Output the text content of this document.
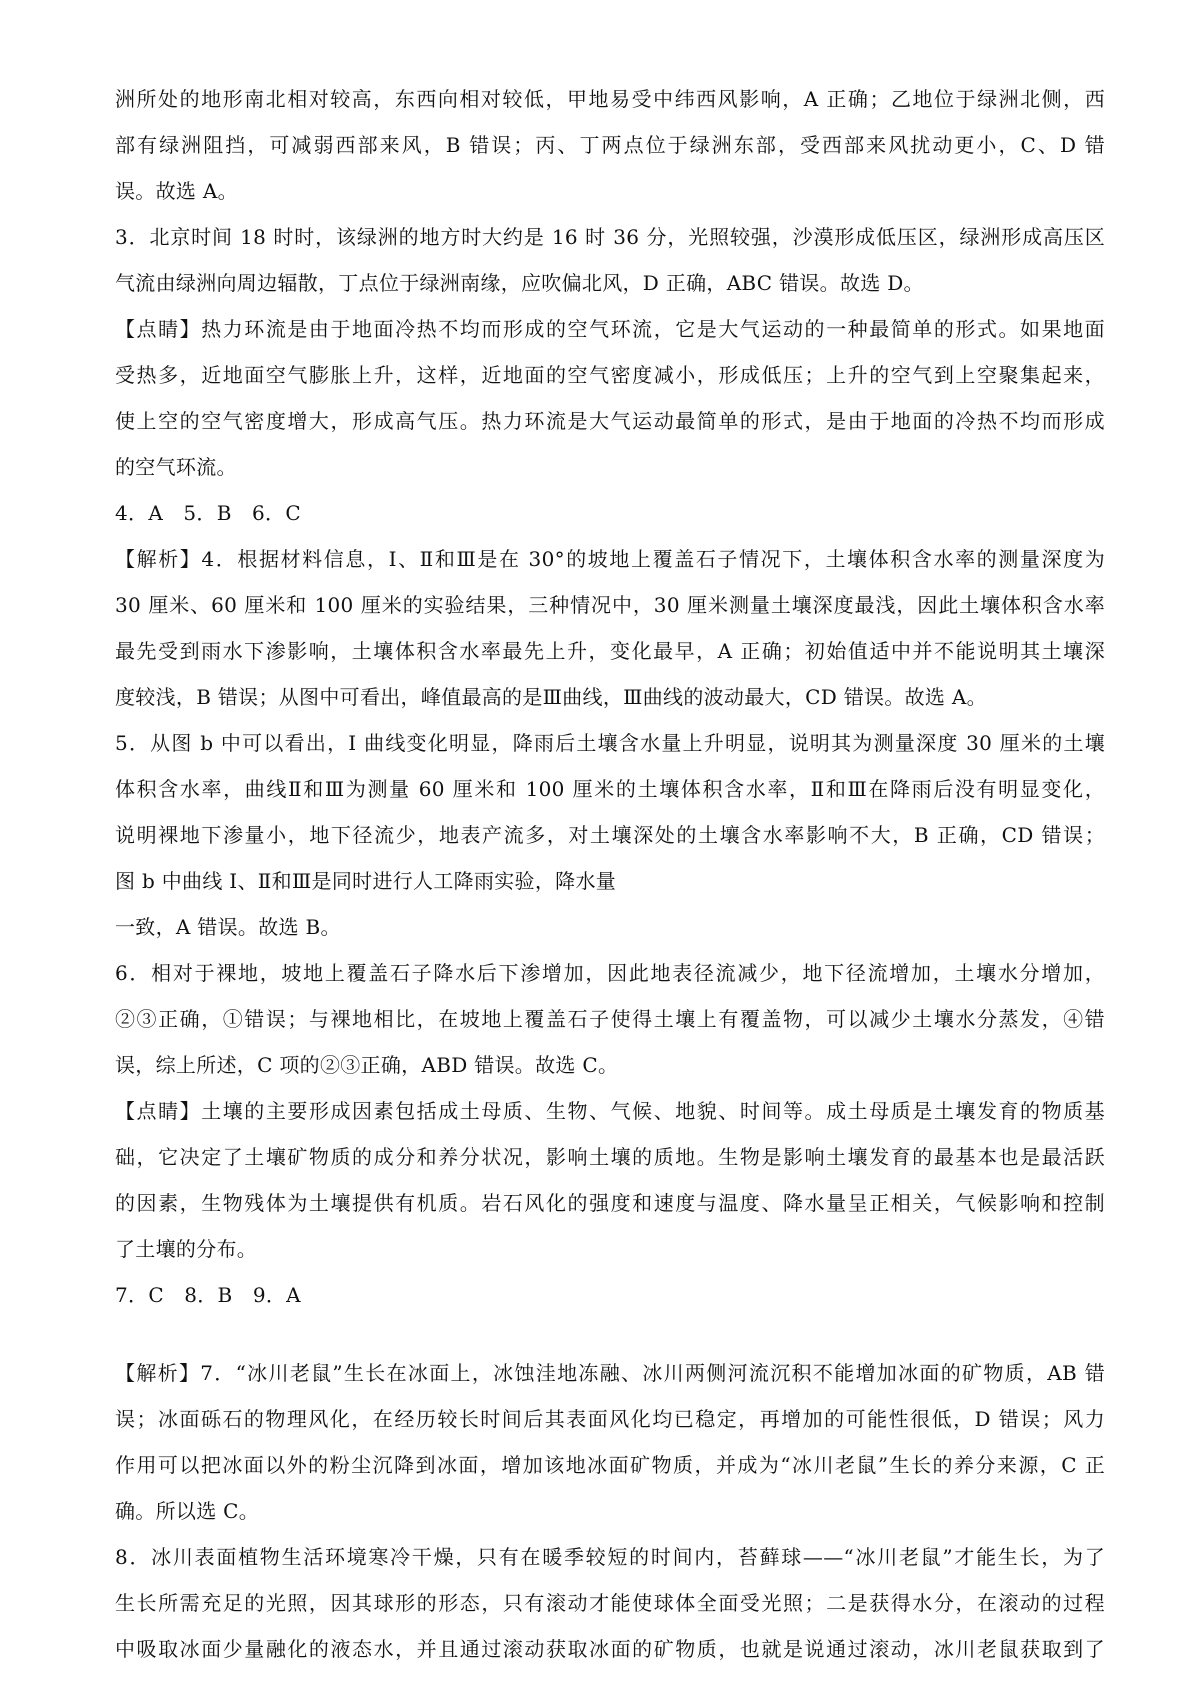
洲所处的地形南北相对较高，东西向相对较低，甲地易受中纬西风影响，A 正确；乙地位于绿洲北侧，西
部有绿洲阻挡，可减弱西部来风，B 错误；丙、丁两点位于绿洲东部，受西部来风扰动更小，C、D 错
误。故选 A。
3．北京时间 18 时时，该绿洲的地方时大约是 16 时 36 分，光照较强，沙漠形成低压区，绿洲形成高压区
气流由绿洲向周边辐散，丁点位于绿洲南缘，应吹偏北风，D 正确，ABC 错误。故选 D。
【点睛】热力环流是由于地面冷热不均而形成的空气环流，它是大气运动的一种最简单的形式。如果地面
受热多，近地面空气膨胀上升，这样，近地面的空气密度减小，形成低压；上升的空气到上空聚集起来，
使上空的空气密度增大，形成高气压。热力环流是大气运动最简单的形式，是由于地面的冷热不均而形成
的空气环流。
4．A　5．B　6．C
【解析】4．根据材料信息，Ⅰ、Ⅱ和Ⅲ是在 30°的坡地上覆盖石子情况下，土壤体积含水率的测量深度为
30 厘米、60 厘米和 100 厘米的实验结果，三种情况中，30 厘米测量土壤深度最浅，因此土壤体积含水率
最先受到雨水下渗影响，土壤体积含水率最先上升，变化最早，A 正确；初始值适中并不能说明其土壤深
度较浅，B 错误；从图中可看出，峰值最高的是Ⅲ曲线，Ⅲ曲线的波动最大，CD 错误。故选 A。
5．从图 b 中可以看出，I 曲线变化明显，降雨后土壤含水量上升明显，说明其为测量深度 30 厘米的土壤
体积含水率，曲线Ⅱ和Ⅲ为测量 60 厘米和 100 厘米的土壤体积含水率，Ⅱ和Ⅲ在降雨后没有明显变化，
说明裸地下渗量小，地下径流少，地表产流多，对土壤深处的土壤含水率影响不大，B 正确，CD 错误；
图 b 中曲线 I、Ⅱ和Ⅲ是同时进行人工降雨实验，降水量
一致，A 错误。故选 B。
6．相对于裸地，坡地上覆盖石子降水后下渗增加，因此地表径流减少，地下径流增加，土壤水分增加，
②③正确，①错误；与裸地相比，在坡地上覆盖石子使得土壤上有覆盖物，可以减少土壤水分蒸发，④错
误，综上所述，C 项的②③正确，ABD 错误。故选 C。
【点睛】土壤的主要形成因素包括成土母质、生物、气候、地貌、时间等。成土母质是土壤发育的物质基
础，它决定了土壤矿物质的成分和养分状况，影响土壤的质地。生物是影响土壤发育的最基本也是最活跃
的因素，生物残体为土壤提供有机质。岩石风化的强度和速度与温度、降水量呈正相关，气候影响和控制
了土壤的分布。
7．C　8．B　9．A
【解析】7．“冰川老鼠”生长在冰面上，冰蚀洼地冻融、冰川两侧河流沉积不能增加冰面的矿物质，AB 错
误；冰面砾石的物理风化，在经历较长时间后其表面风化均已稳定，再增加的可能性很低，D 错误；风力
作用可以把冰面以外的粉尘沉降到冰面，增加该地冰面矿物质，并成为“冰川老鼠”生长的养分来源，C 正
确。所以选 C。
8．冰川表面植物生活环境寒冷干燥，只有在暖季较短的时间内，苔藓球——“冰川老鼠”才能生长，为了
生长所需充足的光照，因其球形的形态，只有滚动才能使球体全面受光照；二是获得水分，在滚动的过程
中吸取冰面少量融化的液态水，并且通过滚动获取冰面的矿物质，也就是说通过滚动，冰川老鼠获取到了
